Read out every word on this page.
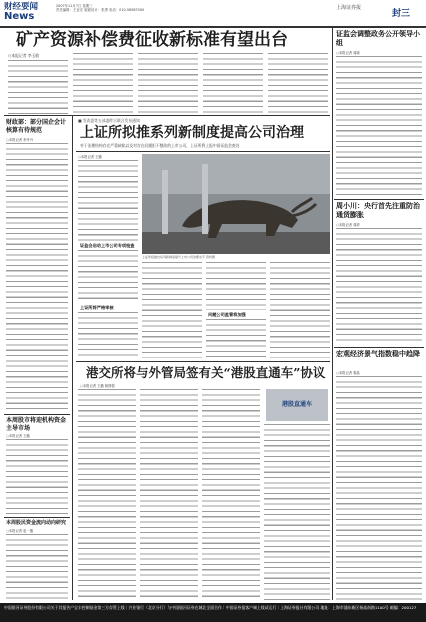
财经要闻
News
2007年11月7日 星期三
责任编辑：王亚宏 版面设计：张勇 电话：010-58987000	上海证券报
封三
矿产资源补偿费征收新标准有望出台
○本报记者 李玉敏
财政部：部分国企会计核算有待规范
○本报记者 李丹丹
本周股市将迎机构资金主导市场
○本报记者 王璐
本周股民资金流向动向研究
○本报记者 赵一蕙
■ 发改委等五部委昨日联合发布通知
上证所拟推系列新制度提高公司治理
对于治理结构存在严重缺陷以及对存在问题拒不整改的上市公司，上证所将上报中国证监会查处
○本报记者 王璐
证监会启动上市公司专项检查
上证所将严格审核
上证所将推出系列新制度提升上市公司治理水平 资料图
问题公司监管将加强
港交所将与外管局签有关“港股直通车”协议
○本报记者 王璐 薛国强
港股直通车
证监会调整政务公开领导小组
○本报记者 周晓
周小川：央行首先注重防治通货膨胀
○本报记者 周婷
宏观经济景气指数稳中趋降
○本报记者 秦晶
中国银河证券股份有限公司关于其报告户宝丰控制基金第三方存管上线｜兴业银行（北京分行）与中国银河证券在城北全面合作｜中国证券报客户端上线试运行｜上海证券报社有限公司 地址：上海市浦东新区杨高南路1100号 邮编：200127
